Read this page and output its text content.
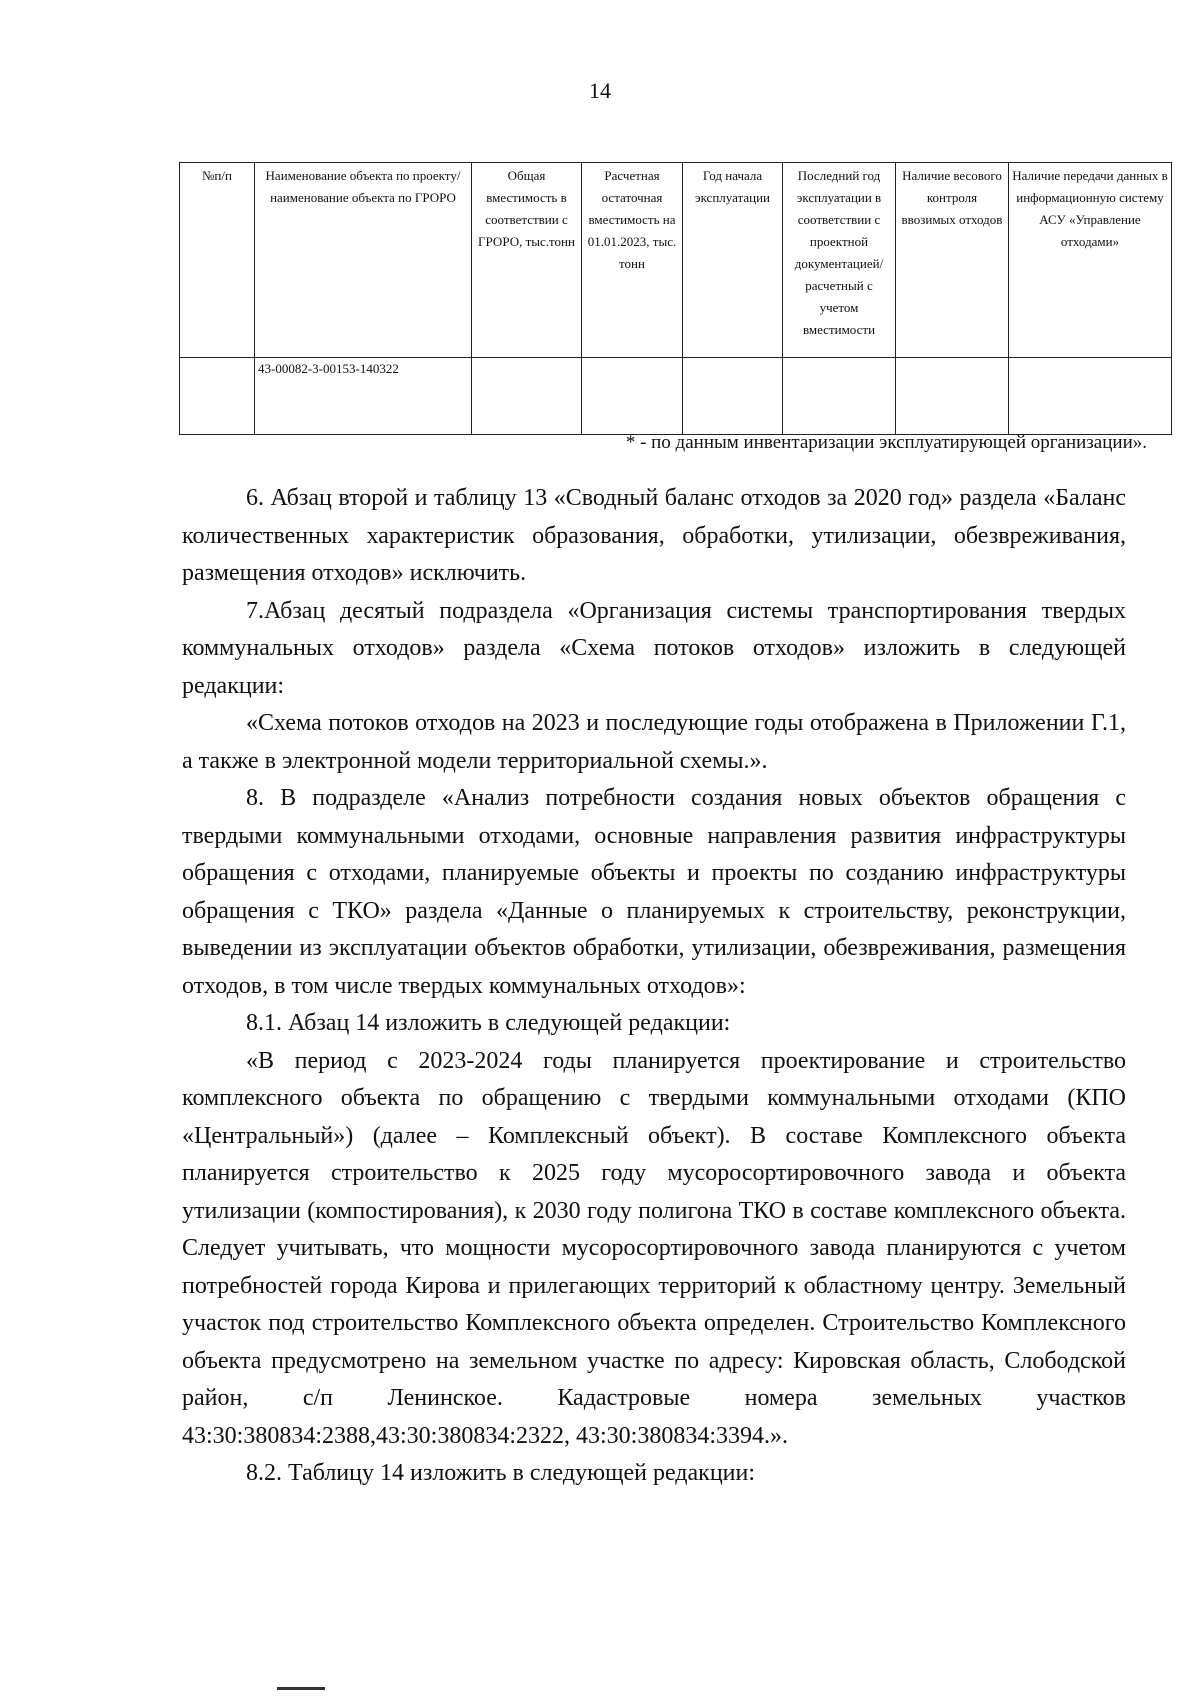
14
№п/п	Наименование объекта по проекту/ наименование объекта по ГРОРО	Общая вместимость в соответствии с ГРОРО, тыс.тонн	Расчетная остаточная вместимость на 01.01.2023, тыс. тонн	Год начала эксплуатации	Последний год эксплуатации в соответствии с проектной документацией/ расчетный с учетом вместимости	Наличие весового контроля ввозимых отходов	Наличие передачи данных в информационную систему АСУ «Управление отходами»
	43-00082-3-00153-140322						
* - по данным инвентаризации эксплуатирующей организации».

6. Абзац второй и таблицу 13 «Сводный баланс отходов за 2020 год» раздела «Баланс количественных характеристик образования, обработки, утилизации, обезвреживания, размещения отходов» исключить.

7.Абзац десятый подраздела «Организация системы транспортирования твердых коммунальных отходов» раздела «Схема потоков отходов» изложить в следующей редакции:

«Схема потоков отходов на 2023 и последующие годы отображена в Приложении Г.1, а также в электронной модели территориальной схемы.».

8. В подразделе «Анализ потребности создания новых объектов обращения с твердыми коммунальными отходами, основные направления развития инфраструктуры обращения с отходами, планируемые объекты и проекты по созданию инфраструктуры обращения с ТКО» раздела «Данные о планируемых к строительству, реконструкции, выведении из эксплуатации объектов обработки, утилизации, обезвреживания, размещения отходов, в том числе твердых коммунальных отходов»:

8.1. Абзац 14 изложить в следующей редакции:

«В период с 2023-2024 годы планируется проектирование и строительство комплексного объекта по обращению с твердыми коммунальными отходами (КПО «Центральный») (далее – Комплексный объект). В составе Комплексного объекта планируется строительство к 2025 году мусоросортировочного завода и объекта утилизации (компостирования), к 2030 году полигона ТКО в составе комплексного объекта. Следует учитывать, что мощности мусоросортировочного завода планируются с учетом потребностей города Кирова и прилегающих территорий к областному центру. Земельный участок под строительство Комплексного объекта определен. Строительство Комплексного объекта предусмотрено на земельном участке по адресу: Кировская область, Слободской район, с/п Ленинское. Кадастровые номера земельных участков

43:30:380834:2388,43:30:380834:2322, 43:30:380834:3394.».

8.2. Таблицу 14 изложить в следующей редакции:
